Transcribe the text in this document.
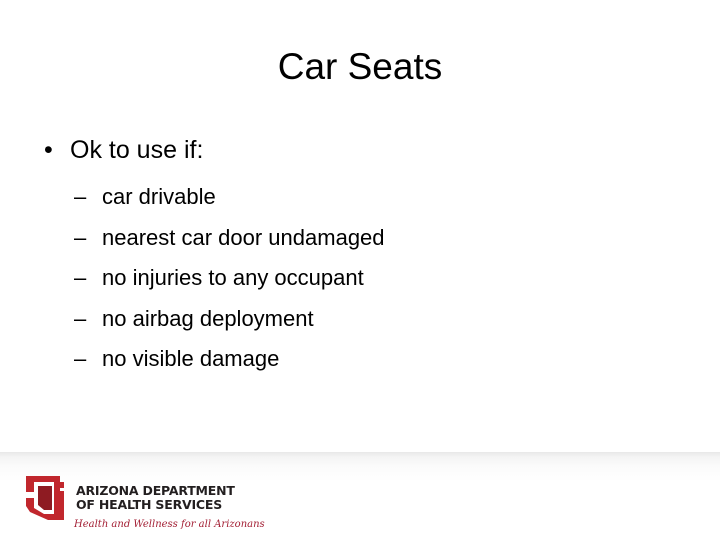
Car Seats
• Ok to use if:
– car drivable
– nearest car door undamaged
– no injuries to any occupant
– no airbag deployment
– no visible damage
ARIZONA DEPARTMENT
OF HEALTH SERVICES
Health and Wellness for all Arizonans
